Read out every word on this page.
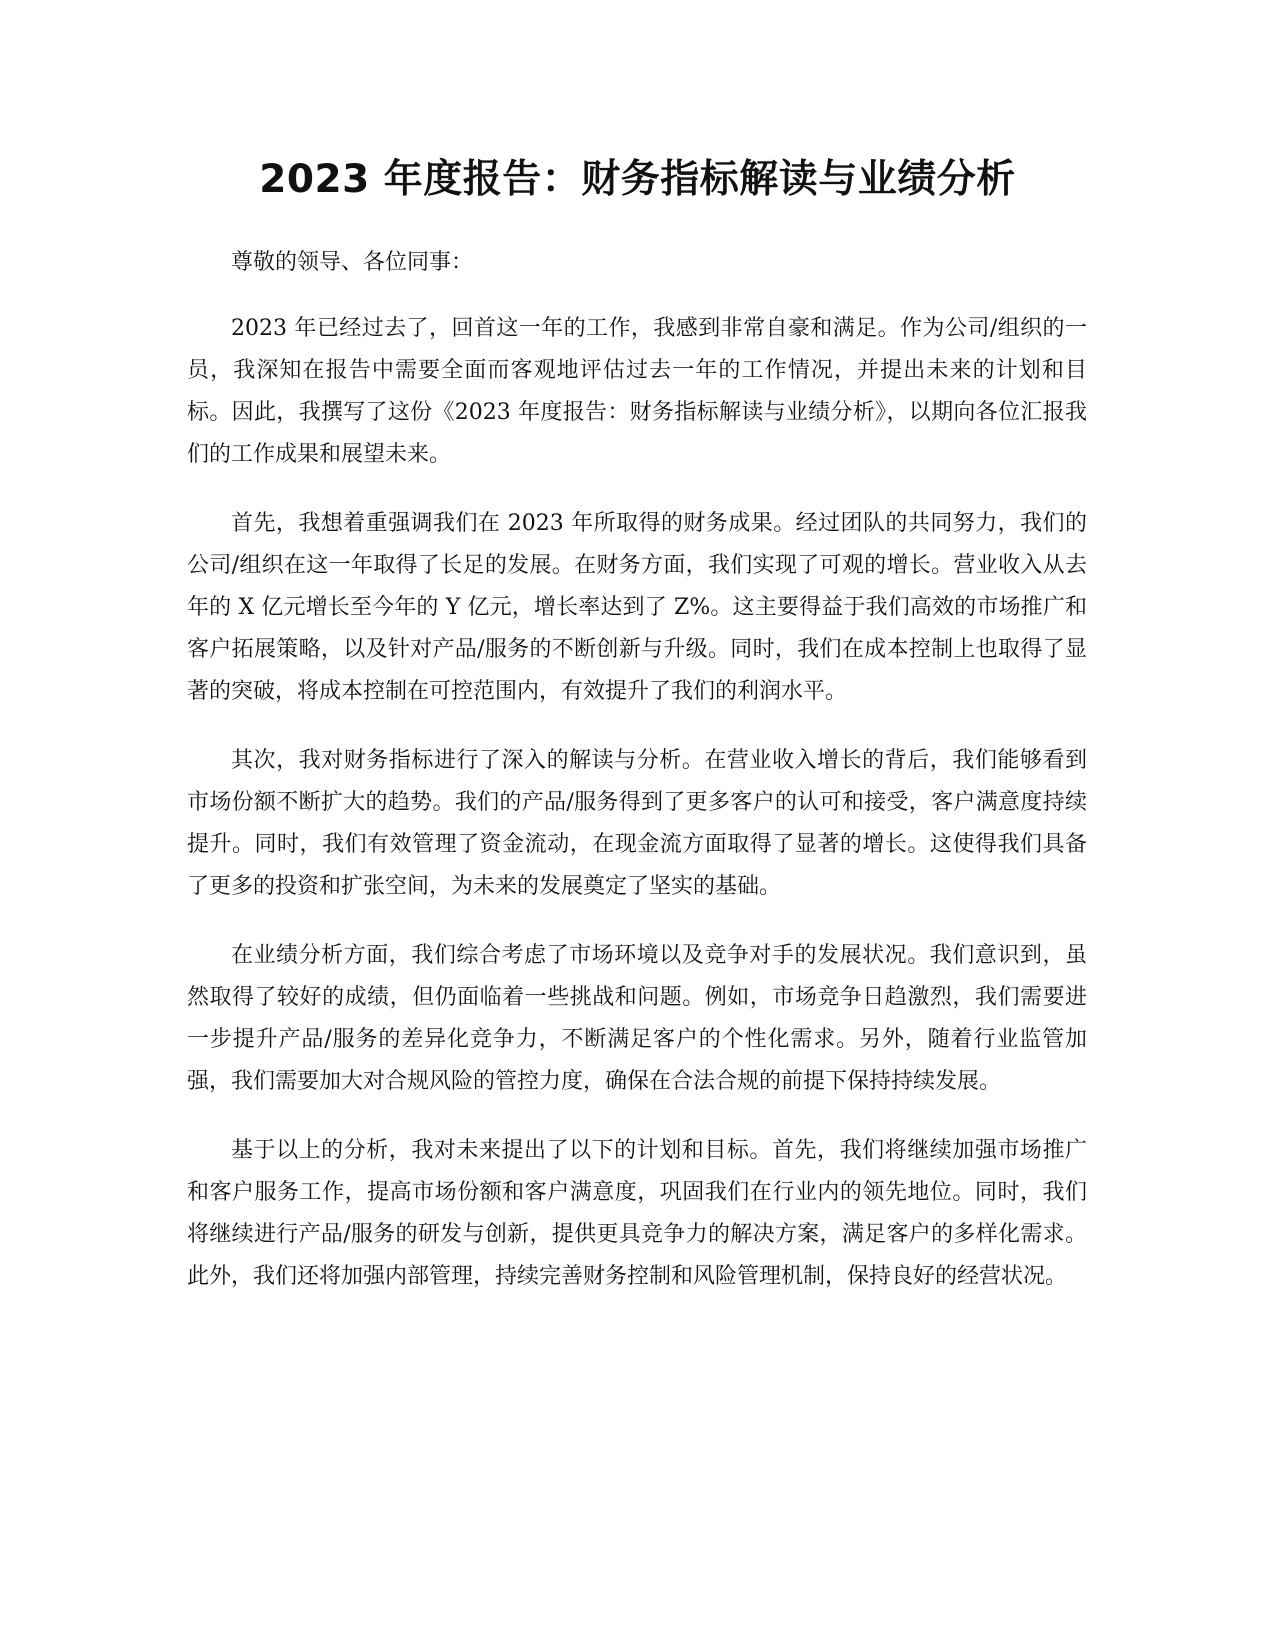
2023 年度报告：财务指标解读与业绩分析

尊敬的领导、各位同事：

2023 年已经过去了，回首这一年的工作，我感到非常自豪和满足。作为公司/组织的一员，我深知在报告中需要全面而客观地评估过去一年的工作情况，并提出未来的计划和目标。因此，我撰写了这份《2023 年度报告：财务指标解读与业绩分析》，以期向各位汇报我们的工作成果和展望未来。

首先，我想着重强调我们在 2023 年所取得的财务成果。经过团队的共同努力，我们的公司/组织在这一年取得了长足的发展。在财务方面，我们实现了可观的增长。营业收入从去年的 X 亿元增长至今年的 Y 亿元，增长率达到了 Z%。这主要得益于我们高效的市场推广和客户拓展策略，以及针对产品/服务的不断创新与升级。同时，我们在成本控制上也取得了显著的突破，将成本控制在可控范围内，有效提升了我们的利润水平。

其次，我对财务指标进行了深入的解读与分析。在营业收入增长的背后，我们能够看到市场份额不断扩大的趋势。我们的产品/服务得到了更多客户的认可和接受，客户满意度持续提升。同时，我们有效管理了资金流动，在现金流方面取得了显著的增长。这使得我们具备了更多的投资和扩张空间，为未来的发展奠定了坚实的基础。

在业绩分析方面，我们综合考虑了市场环境以及竞争对手的发展状况。我们意识到，虽然取得了较好的成绩，但仍面临着一些挑战和问题。例如，市场竞争日趋激烈，我们需要进一步提升产品/服务的差异化竞争力，不断满足客户的个性化需求。另外，随着行业监管加强，我们需要加大对合规风险的管控力度，确保在合法合规的前提下保持持续发展。

基于以上的分析，我对未来提出了以下的计划和目标。首先，我们将继续加强市场推广和客户服务工作，提高市场份额和客户满意度，巩固我们在行业内的领先地位。同时，我们将继续进行产品/服务的研发与创新，提供更具竞争力的解决方案，满足客户的多样化需求。此外，我们还将加强内部管理，持续完善财务控制和风险管理机制，保持良好的经营状况。
